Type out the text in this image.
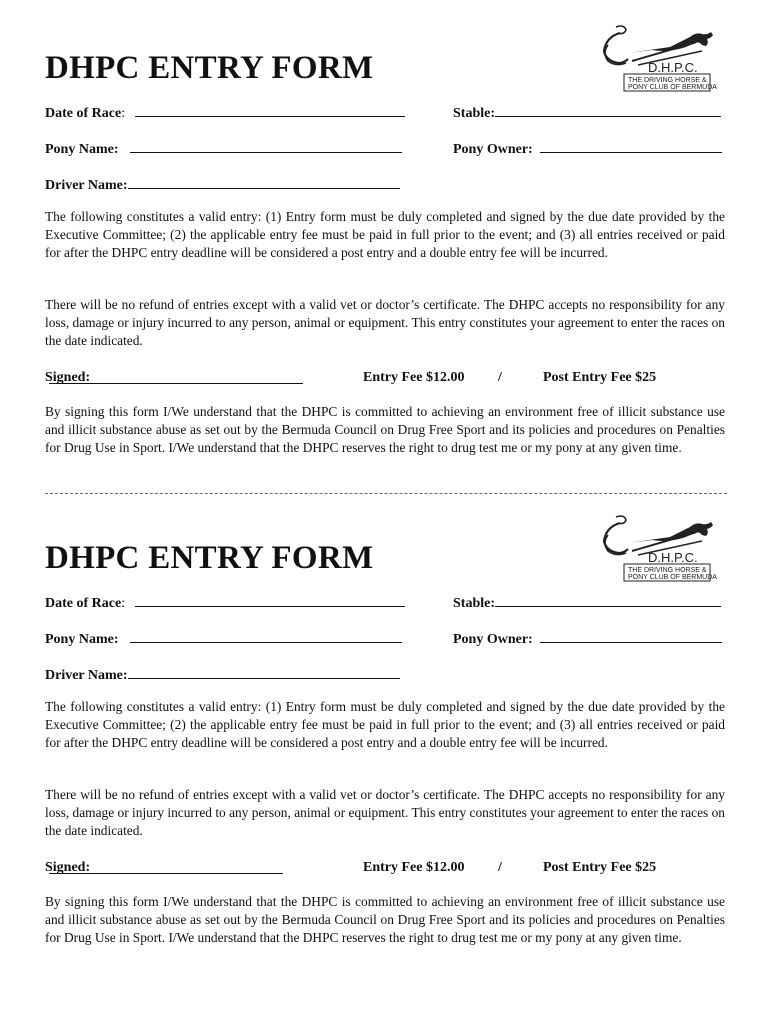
DHPC ENTRY FORM	D.H.P.C.
THE DRIVING HORSE &
PONY CLUB OF BERMUDA
Date of Race:	Stable:
Pony Name:	Pony Owner:
Driver Name:

The following constitutes a valid entry: (1) Entry form must be duly completed and signed by the due date provided by the Executive Committee; (2) the applicable entry fee must be paid in full prior to the event; and (3) all entries received or paid for after the DHPC entry deadline will be considered a post entry and a double entry fee will be incurred.

There will be no refund of entries except with a valid vet or doctor’s certificate. The DHPC accepts no responsibility for any loss, damage or injury incurred to any person, animal or equipment. This entry constitutes your agreement to enter the races on the date indicated.

Signed:	Entry Fee $12.00 /	Post Entry Fee $25

By signing this form I/We understand that the DHPC is committed to achieving an environment free of illicit substance use and illicit substance abuse as set out by the Bermuda Council on Drug Free Sport and its policies and procedures on Penalties for Drug Use in Sport. I/We understand that the DHPC reserves the right to drug test me or my pony at any given time.

DHPC ENTRY FORM	D.H.P.C.
THE DRIVING HORSE &
PONY CLUB OF BERMUDA
Date of Race:	Stable:
Pony Name:	Pony Owner:
Driver Name:

The following constitutes a valid entry: (1) Entry form must be duly completed and signed by the due date provided by the Executive Committee; (2) the applicable entry fee must be paid in full prior to the event; and (3) all entries received or paid for after the DHPC entry deadline will be considered a post entry and a double entry fee will be incurred.

There will be no refund of entries except with a valid vet or doctor’s certificate. The DHPC accepts no responsibility for any loss, damage or injury incurred to any person, animal or equipment. This entry constitutes your agreement to enter the races on the date indicated.

Signed:	Entry Fee $12.00 /	Post Entry Fee $25

By signing this form I/We understand that the DHPC is committed to achieving an environment free of illicit substance use and illicit substance abuse as set out by the Bermuda Council on Drug Free Sport and its policies and procedures on Penalties for Drug Use in Sport. I/We understand that the DHPC reserves the right to drug test me or my pony at any given time.
